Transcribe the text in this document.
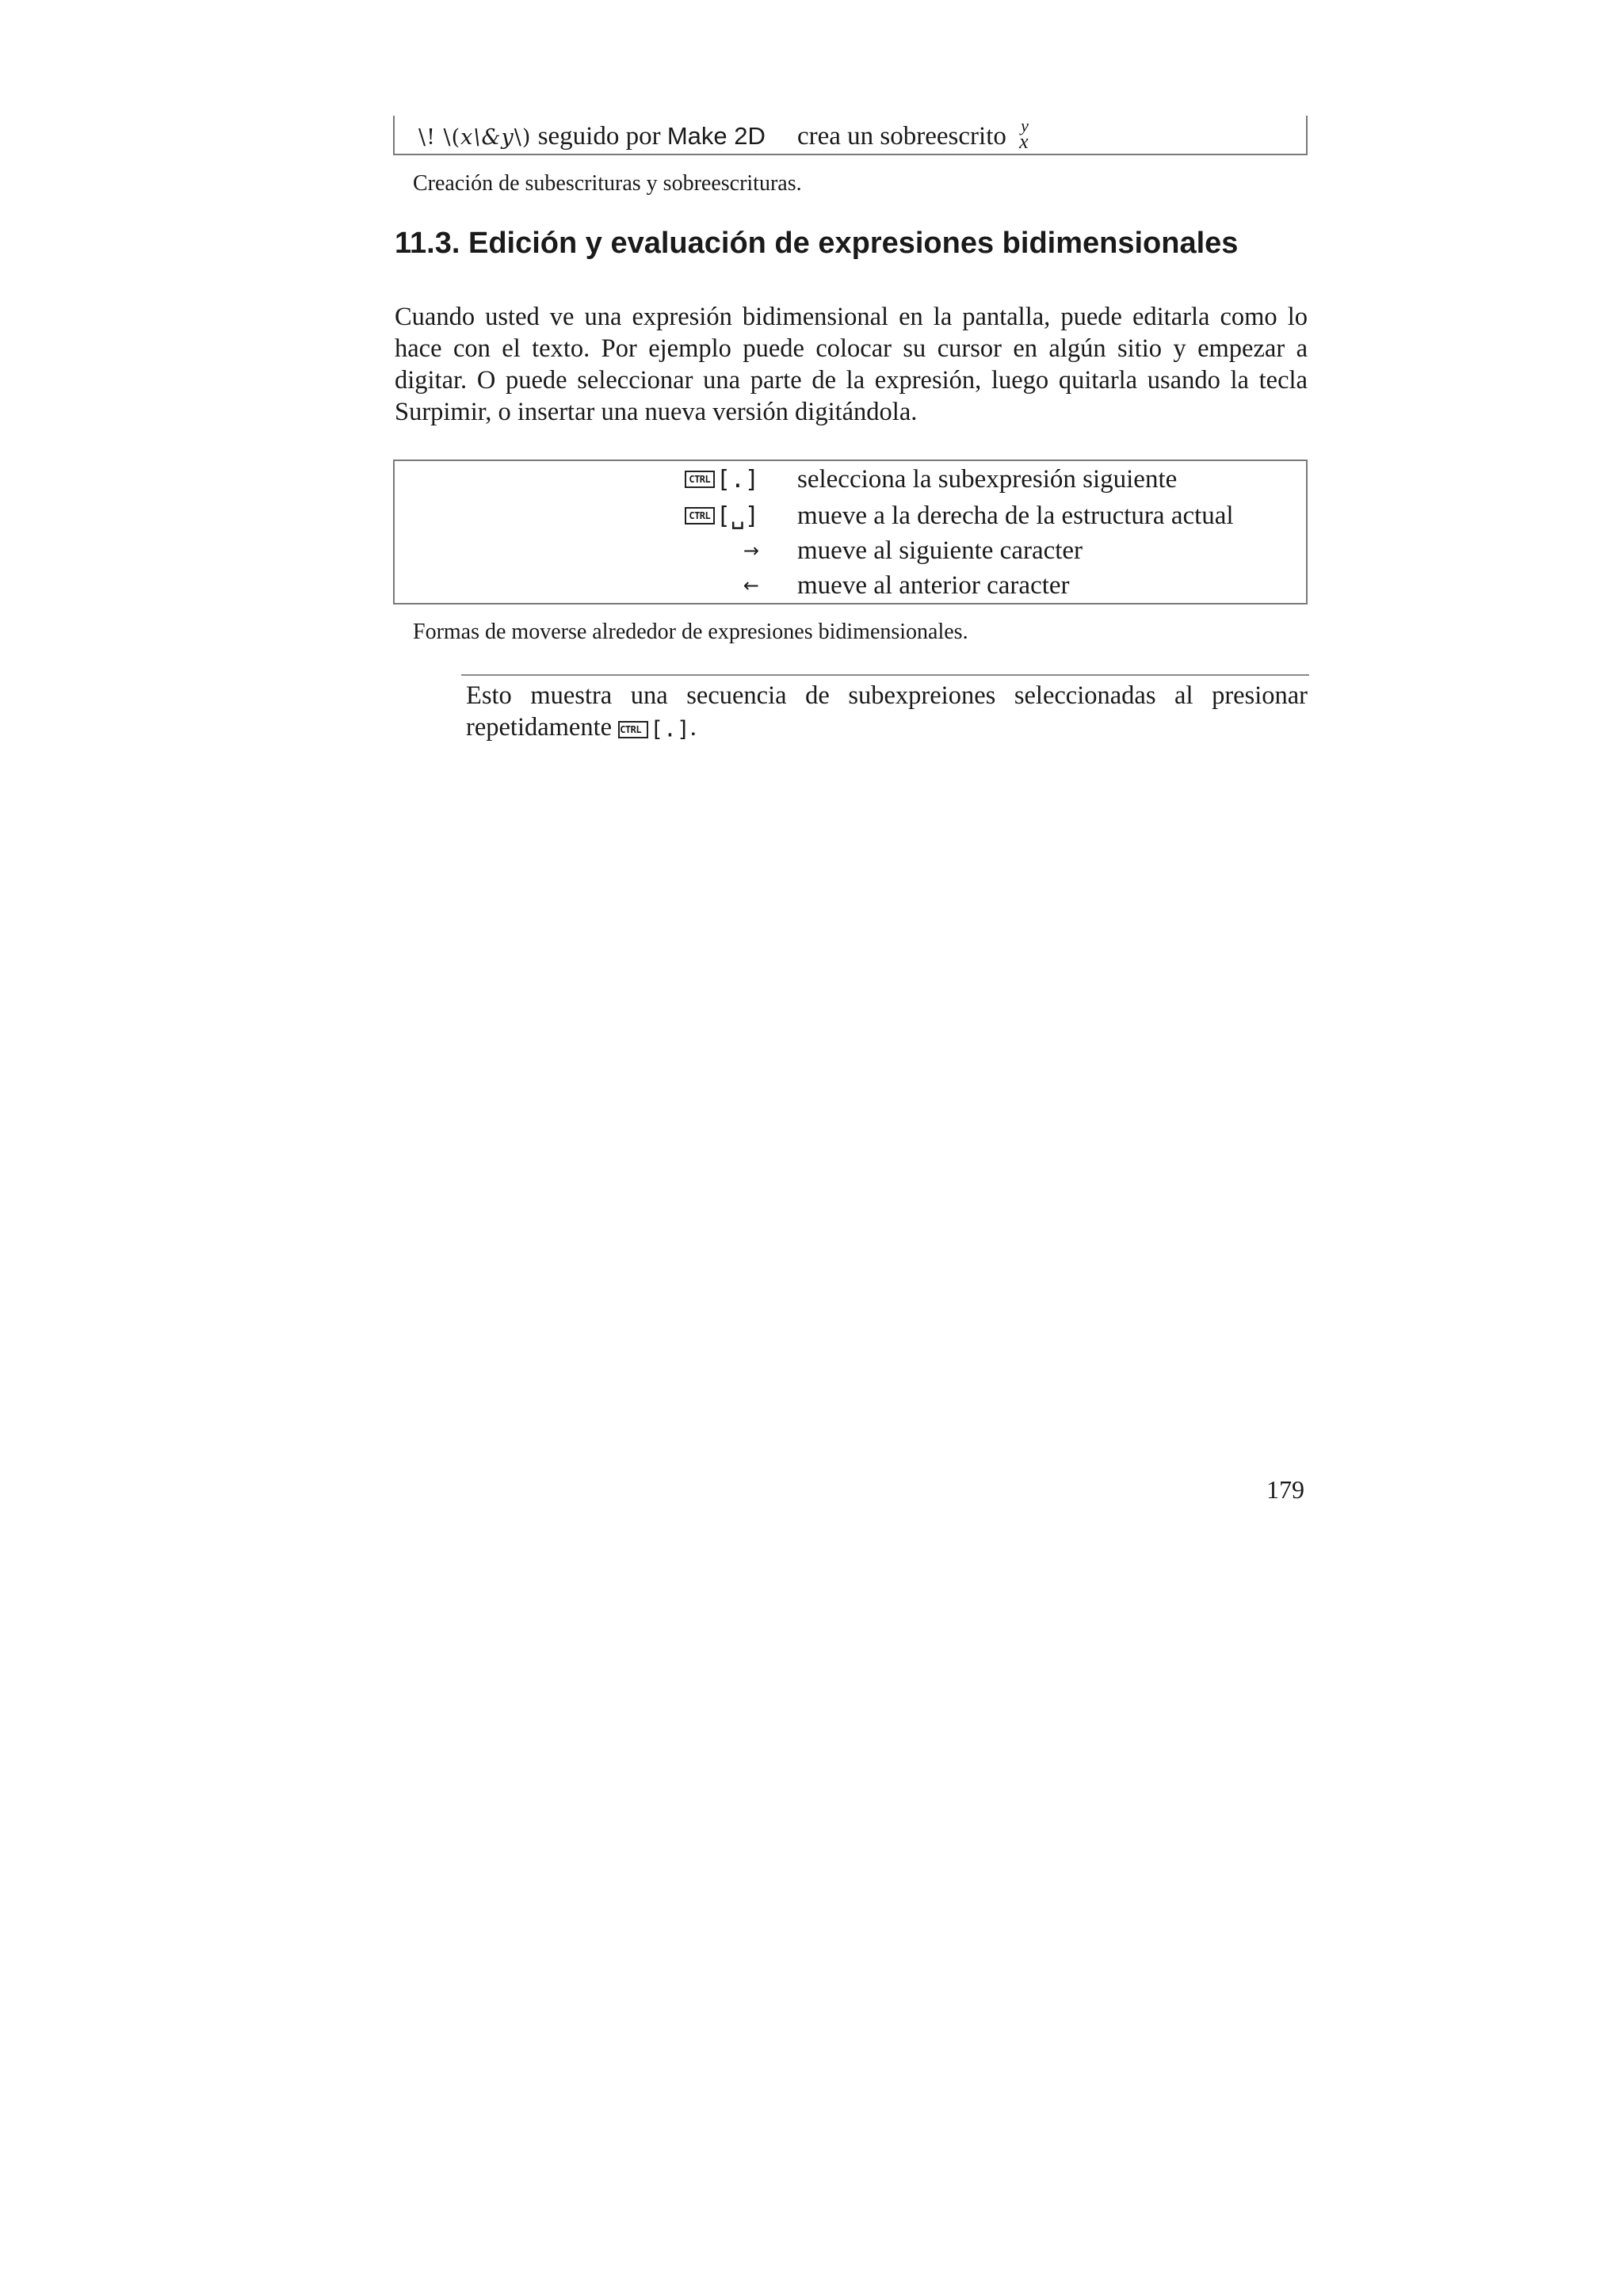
\! \(x\&y\) seguido por Make 2D crea un sobreescrito y
x
Creación de subescrituras y sobreescrituras.
11.3. Edición y evaluación de expresiones bidimensionales

Cuando usted ve una expresión bidimensional en la pantalla, puede editarla como lo hace con el texto. Por ejemplo puede colocar su cursor en algún sitio y empezar a digitar. O puede seleccionar una parte de la expresión, luego quitarla usando la tecla Surpimir, o insertar una nueva versión digitándola.

CTRL [.] selecciona la subexpresión siguiente
CTRL [␣] mueve a la derecha de la estructura actual
→ mueve al siguiente caracter
← mueve al anterior caracter
Formas de moverse alrededor de expresiones bidimensionales.

Esto muestra una secuencia de subexpreiones seleccionadas al presionar repetidamente CTRL [.].

179
